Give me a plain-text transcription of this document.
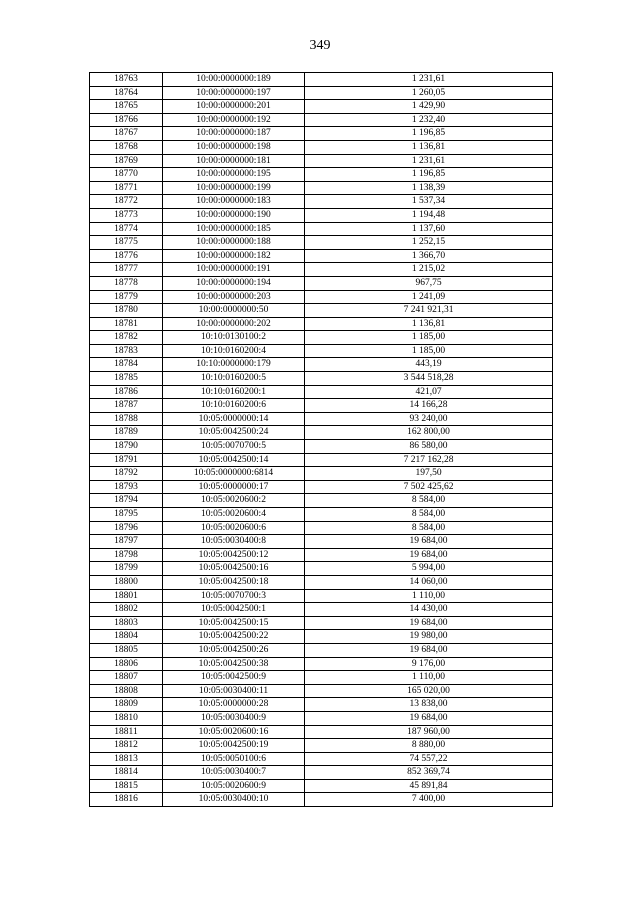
349
18763	10:00:0000000:189	1 231,61
18764	10:00:0000000:197	1 260,05
18765	10:00:0000000:201	1 429,90
18766	10:00:0000000:192	1 232,40
18767	10:00:0000000:187	1 196,85
18768	10:00:0000000:198	1 136,81
18769	10:00:0000000:181	1 231,61
18770	10:00:0000000:195	1 196,85
18771	10:00:0000000:199	1 138,39
18772	10:00:0000000:183	1 537,34
18773	10:00:0000000:190	1 194,48
18774	10:00:0000000:185	1 137,60
18775	10:00:0000000:188	1 252,15
18776	10:00:0000000:182	1 366,70
18777	10:00:0000000:191	1 215,02
18778	10:00:0000000:194	967,75
18779	10:00:0000000:203	1 241,09
18780	10:00:0000000:50	7 241 921,31
18781	10:00:0000000:202	1 136,81
18782	10:10:0130100:2	1 185,00
18783	10:10:0160200:4	1 185,00
18784	10:10:0000000:179	443,19
18785	10:10:0160200:5	3 544 518,28
18786	10:10:0160200:1	421,07
18787	10:10:0160200:6	14 166,28
18788	10:05:0000000:14	93 240,00
18789	10:05:0042500:24	162 800,00
18790	10:05:0070700:5	86 580,00
18791	10:05:0042500:14	7 217 162,28
18792	10:05:0000000:6814	197,50
18793	10:05:0000000:17	7 502 425,62
18794	10:05:0020600:2	8 584,00
18795	10:05:0020600:4	8 584,00
18796	10:05:0020600:6	8 584,00
18797	10:05:0030400:8	19 684,00
18798	10:05:0042500:12	19 684,00
18799	10:05:0042500:16	5 994,00
18800	10:05:0042500:18	14 060,00
18801	10:05:0070700:3	1 110,00
18802	10:05:0042500:1	14 430,00
18803	10:05:0042500:15	19 684,00
18804	10:05:0042500:22	19 980,00
18805	10:05:0042500:26	19 684,00
18806	10:05:0042500:38	9 176,00
18807	10:05:0042500:9	1 110,00
18808	10:05:0030400:11	165 020,00
18809	10:05:0000000:28	13 838,00
18810	10:05:0030400:9	19 684,00
18811	10:05:0020600:16	187 960,00
18812	10:05:0042500:19	8 880,00
18813	10:05:0050100:6	74 557,22
18814	10:05:0030400:7	852 369,74
18815	10:05:0020600:9	45 891,84
18816	10:05:0030400:10	7 400,00
